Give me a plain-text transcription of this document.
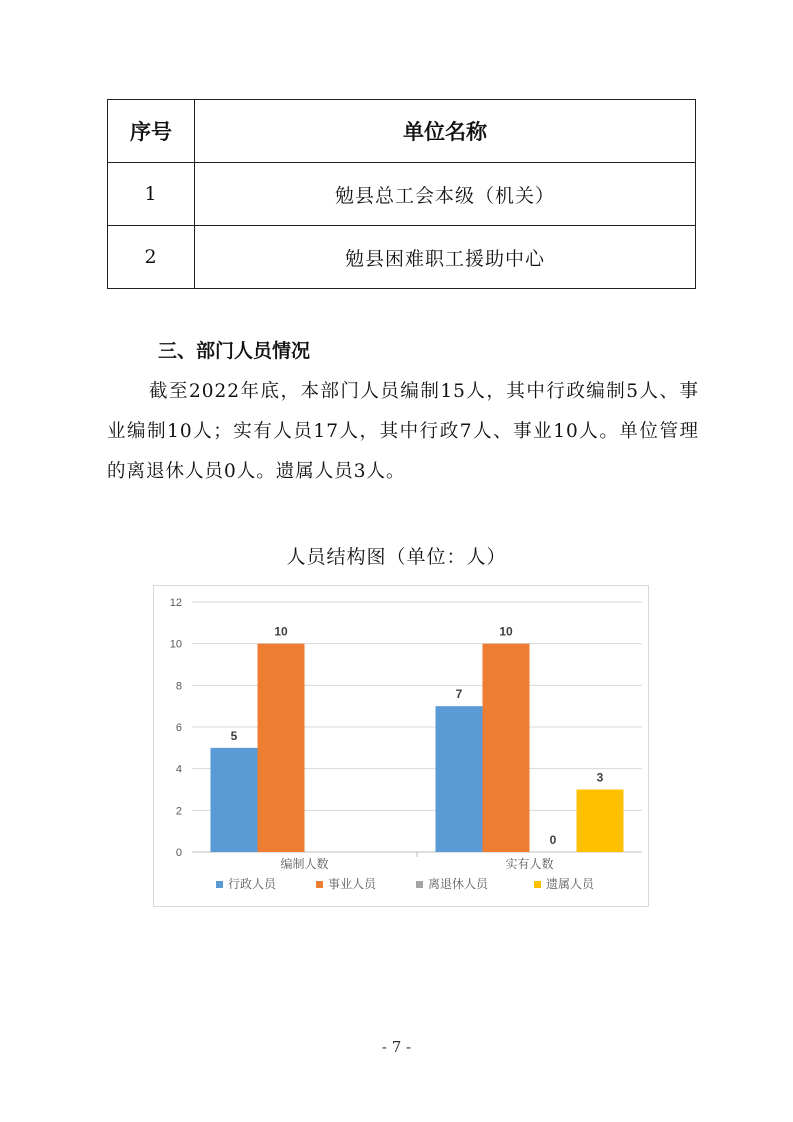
序号	单位名称
1	勉县总工会本级（机关）
2	勉县困难职工援助中心
三、部门人员情况

截至2022年底，本部门人员编制15人，其中行政编制5人、事业编制10人；实有人员17人，其中行政7人、事业10人。单位管理的离退休人员0人。遗属人员3人。

人员结构图（单位：人）
0
2
4
6
8
10
12
编制人数
5
10
实有人数
7
10
0
3
行政人员	事业人员	离退休人员	遗属人员
- 7 -
